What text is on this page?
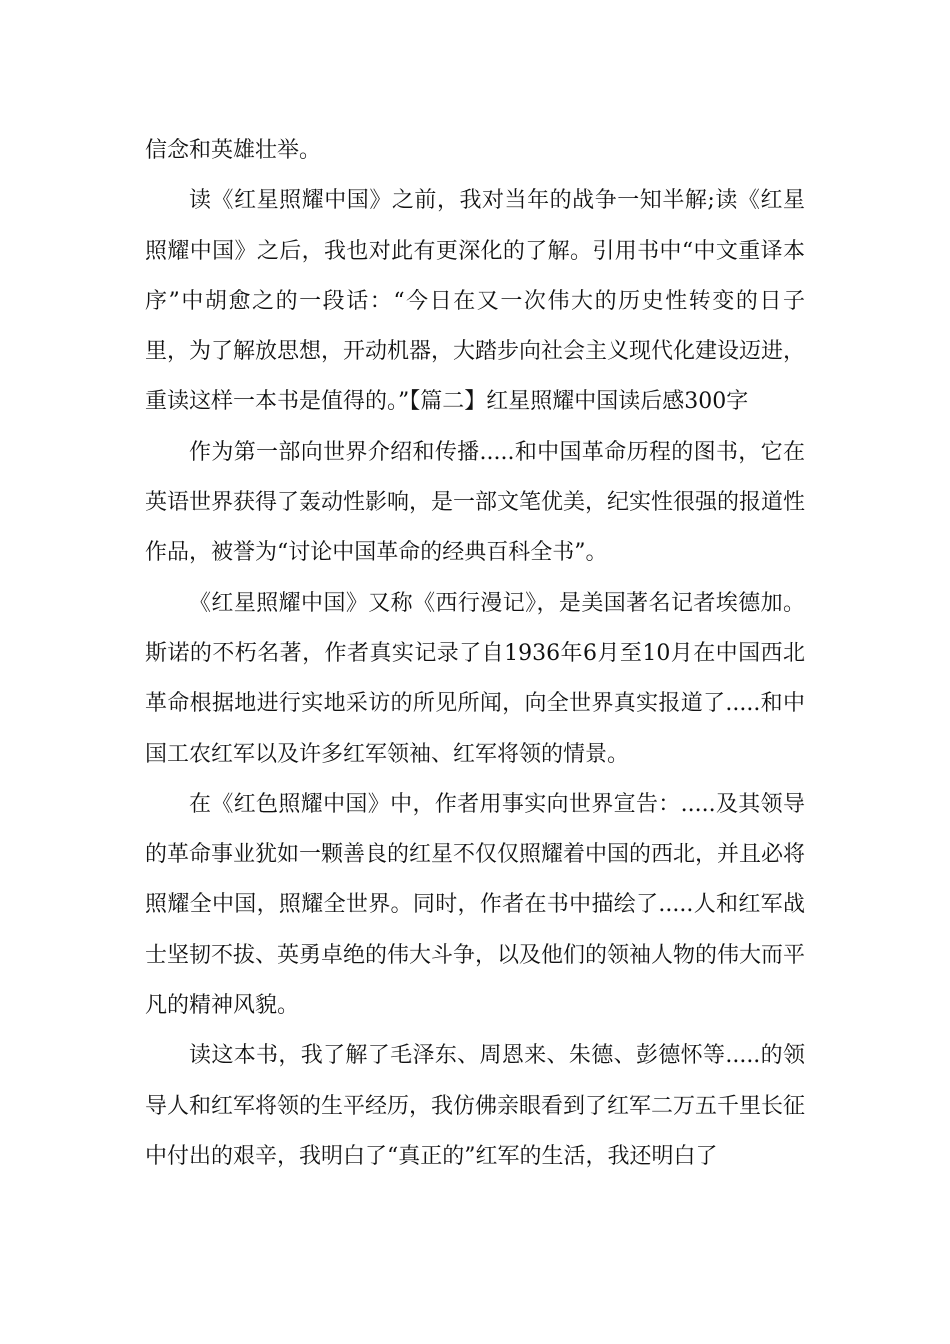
信念和英雄壮举。

读《红星照耀中国》之前，我对当年的战争一知半解;读《红星照耀中国》之后，我也对此有更深化的了解。引用书中“中文重译本序”中胡愈之的一段话：“今日在又一次伟大的历史性转变的日子里，为了解放思想，开动机器，大踏步向社会主义现代化建设迈进，重读这样一本书是值得的。”【篇二】红星照耀中国读后感300字

作为第一部向世界介绍和传播.....和中国革命历程的图书，它在英语世界获得了轰动性影响，是一部文笔优美，纪实性很强的报道性作品，被誉为“讨论中国革命的经典百科全书”。

《红星照耀中国》又称《西行漫记》，是美国著名记者埃德加。斯诺的不朽名著，作者真实记录了自1936年6月至10月在中国西北革命根据地进行实地采访的所见所闻，向全世界真实报道了.....和中国工农红军以及许多红军领袖、红军将领的情景。

在《红色照耀中国》中，作者用事实向世界宣告：.....及其领导的革命事业犹如一颗善良的红星不仅仅照耀着中国的西北，并且必将照耀全中国，照耀全世界。同时，作者在书中描绘了.....人和红军战士坚韧不拔、英勇卓绝的伟大斗争，以及他们的领袖人物的伟大而平凡的精神风貌。

读这本书，我了解了毛泽东、周恩来、朱德、彭德怀等.....的领导人和红军将领的生平经历，我仿佛亲眼看到了红军二万五千里长征中付出的艰辛，我明白了“真正的”红军的生活，我还明白了
